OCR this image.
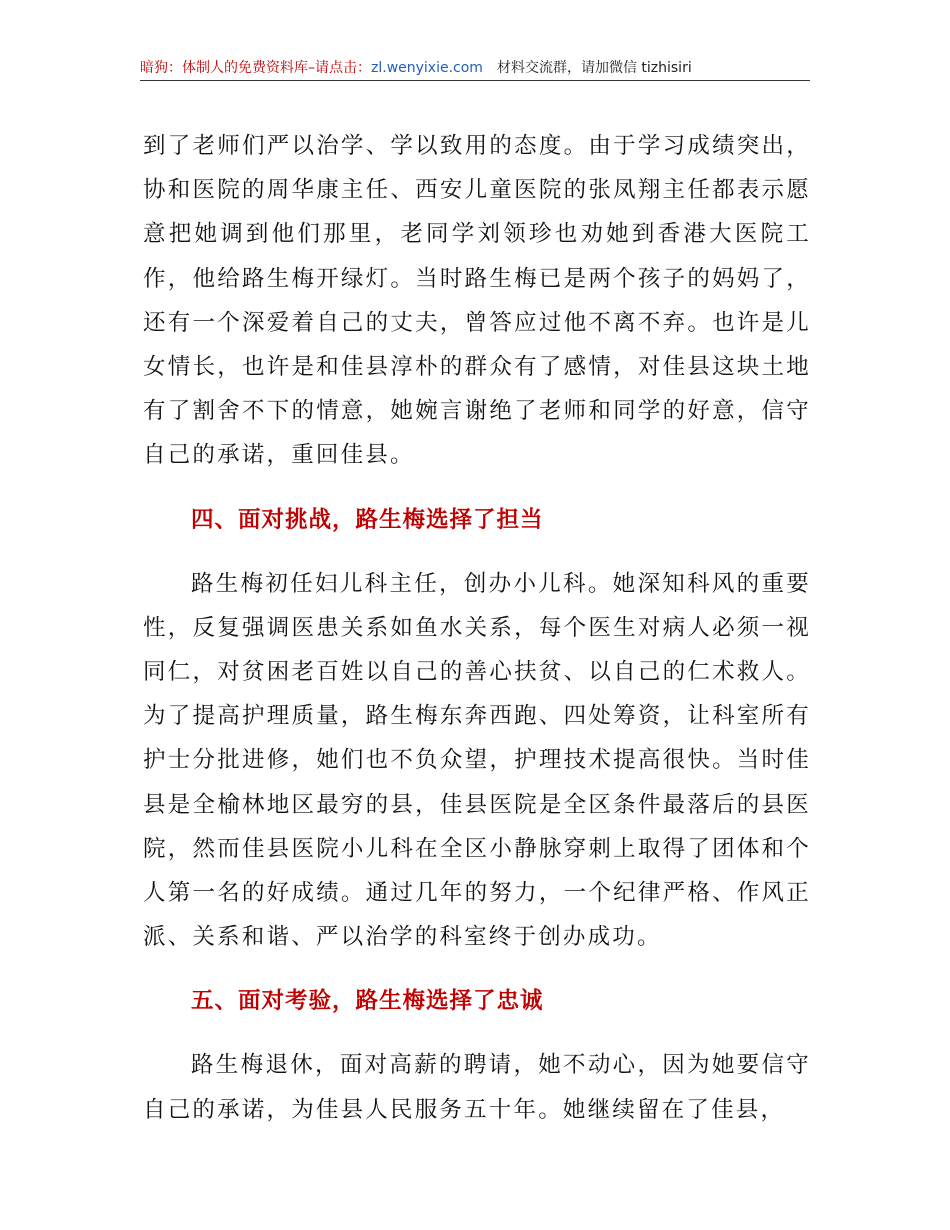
暗狗：体制人的免费资料库–请点击：zl.wenyixie.com 材料交流群，请加微信 tizhisiri

到了老师们严以治学、学以致用的态度。由于学习成绩突出，协和医院的周华康主任、西安儿童医院的张凤翔主任都表示愿意把她调到他们那里，老同学刘领珍也劝她到香港大医院工作，他给路生梅开绿灯。当时路生梅已是两个孩子的妈妈了，还有一个深爱着自己的丈夫，曾答应过他不离不弃。也许是儿女情长，也许是和佳县淳朴的群众有了感情，对佳县这块土地有了割舍不下的情意，她婉言谢绝了老师和同学的好意，信守自己的承诺，重回佳县。

四、面对挑战，路生梅选择了担当

路生梅初任妇儿科主任，创办小儿科。她深知科风的重要性，反复强调医患关系如鱼水关系，每个医生对病人必须一视同仁，对贫困老百姓以自己的善心扶贫、以自己的仁术救人。为了提高护理质量，路生梅东奔西跑、四处筹资，让科室所有护士分批进修，她们也不负众望，护理技术提高很快。当时佳县是全榆林地区最穷的县，佳县医院是全区条件最落后的县医院，然而佳县医院小儿科在全区小静脉穿刺上取得了团体和个人第一名的好成绩。通过几年的努力，一个纪律严格、作风正派、关系和谐、严以治学的科室终于创办成功。

五、面对考验，路生梅选择了忠诚

路生梅退休，面对高薪的聘请，她不动心，因为她要信守自己的承诺，为佳县人民服务五十年。她继续留在了佳县，
